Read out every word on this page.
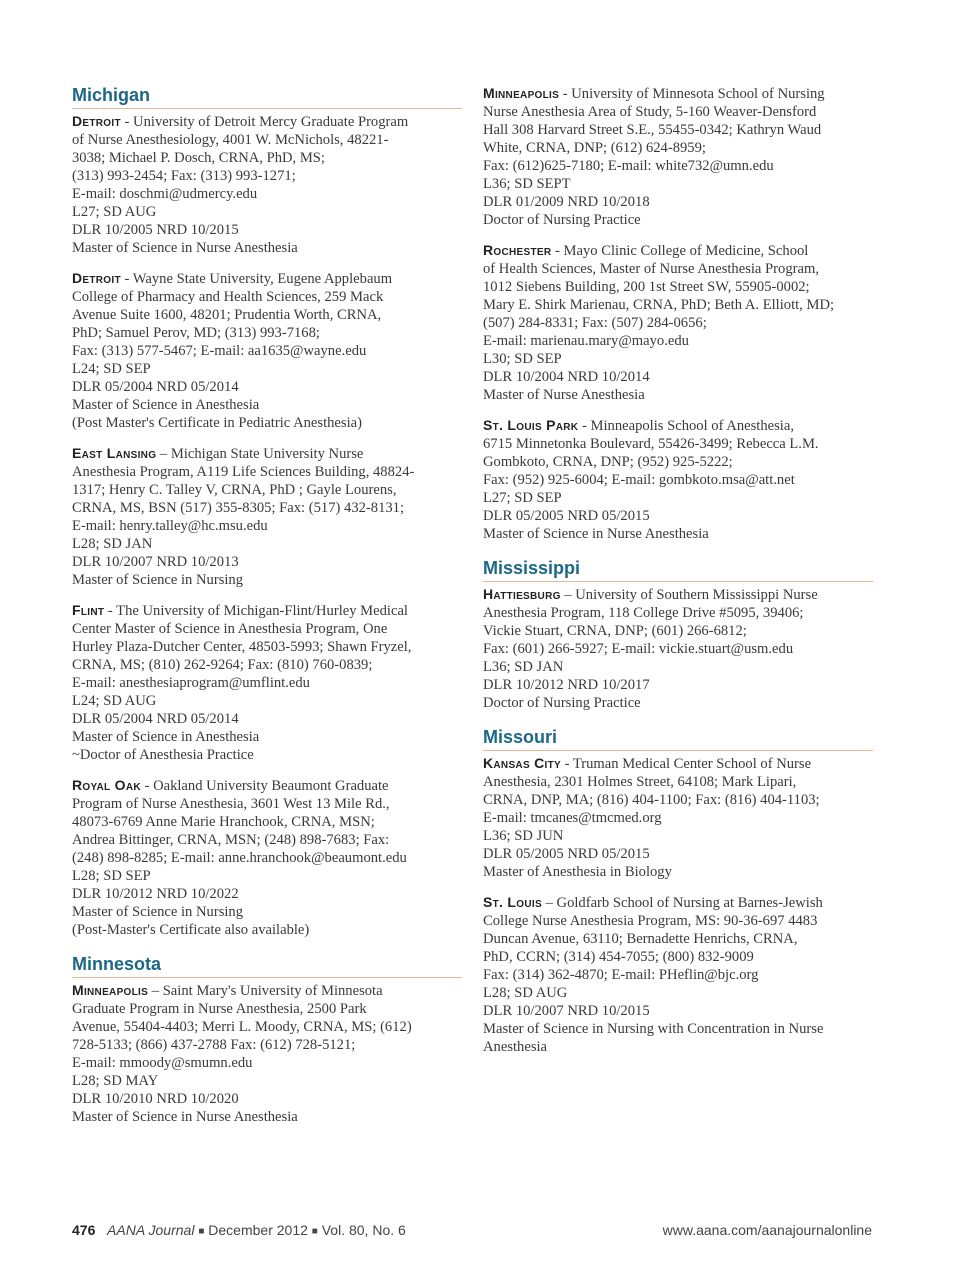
Michigan
Detroit - University of Detroit Mercy Graduate Program
of Nurse Anesthesiology, 4001 W. McNichols, 48221-
3038; Michael P. Dosch, CRNA, PhD, MS;
(313) 993-2454; Fax: (313) 993-1271;
E-mail: doschmi@udmercy.edu
L27; SD AUG
DLR 10/2005 NRD 10/2015
Master of Science in Nurse Anesthesia
Detroit - Wayne State University, Eugene Applebaum
College of Pharmacy and Health Sciences, 259 Mack
Avenue Suite 1600, 48201; Prudentia Worth, CRNA,
PhD; Samuel Perov, MD; (313) 993-7168;
Fax: (313) 577-5467; E-mail: aa1635@wayne.edu
L24; SD SEP
DLR 05/2004 NRD 05/2014
Master of Science in Anesthesia
(Post Master's Certificate in Pediatric Anesthesia)
East Lansing – Michigan State University Nurse
Anesthesia Program, A119 Life Sciences Building, 48824-
1317; Henry C. Talley V, CRNA, PhD ; Gayle Lourens,
CRNA, MS, BSN (517) 355-8305; Fax: (517) 432-8131;
E-mail: henry.talley@hc.msu.edu
L28; SD JAN
DLR 10/2007 NRD 10/2013
Master of Science in Nursing
Flint - The University of Michigan-Flint/Hurley Medical
Center Master of Science in Anesthesia Program, One
Hurley Plaza-Dutcher Center, 48503-5993; Shawn Fryzel,
CRNA, MS; (810) 262-9264; Fax: (810) 760-0839;
E-mail: anesthesiaprogram@umflint.edu
L24; SD AUG
DLR 05/2004 NRD 05/2014
Master of Science in Anesthesia
~Doctor of Anesthesia Practice
Royal Oak - Oakland University Beaumont Graduate
Program of Nurse Anesthesia, 3601 West 13 Mile Rd.,
48073-6769 Anne Marie Hranchook, CRNA, MSN;
Andrea Bittinger, CRNA, MSN; (248) 898-7683; Fax:
(248) 898-8285; E-mail: anne.hranchook@beaumont.edu
L28; SD SEP
DLR 10/2012 NRD 10/2022
Master of Science in Nursing
(Post-Master's Certificate also available)
Minnesota
Minneapolis – Saint Mary's University of Minnesota
Graduate Program in Nurse Anesthesia, 2500 Park
Avenue, 55404-4403; Merri L. Moody, CRNA, MS; (612)
728-5133; (866) 437-2788 Fax: (612) 728-5121;
E-mail: mmoody@smumn.edu
L28; SD MAY
DLR 10/2010 NRD 10/2020
Master of Science in Nurse Anesthesia
Minneapolis - University of Minnesota School of Nursing
Nurse Anesthesia Area of Study, 5-160 Weaver-Densford
Hall 308 Harvard Street S.E., 55455-0342; Kathryn Waud
White, CRNA, DNP; (612) 624-8959;
Fax: (612)625-7180; E-mail: white732@umn.edu
L36; SD SEPT
DLR 01/2009 NRD 10/2018
Doctor of Nursing Practice
Rochester - Mayo Clinic College of Medicine, School
of Health Sciences, Master of Nurse Anesthesia Program,
1012 Siebens Building, 200 1st Street SW, 55905-0002;
Mary E. Shirk Marienau, CRNA, PhD; Beth A. Elliott, MD;
(507) 284-8331; Fax: (507) 284-0656;
E-mail: marienau.mary@mayo.edu
L30; SD SEP
DLR 10/2004 NRD 10/2014
Master of Nurse Anesthesia
St. Louis Park - Minneapolis School of Anesthesia,
6715 Minnetonka Boulevard, 55426-3499; Rebecca L.M.
Gombkoto, CRNA, DNP; (952) 925-5222;
Fax: (952) 925-6004; E-mail: gombkoto.msa@att.net
L27; SD SEP
DLR 05/2005 NRD 05/2015
Master of Science in Nurse Anesthesia
Mississippi
Hattiesburg – University of Southern Mississippi Nurse
Anesthesia Program, 118 College Drive #5095, 39406;
Vickie Stuart, CRNA, DNP; (601) 266-6812;
Fax: (601) 266-5927; E-mail: vickie.stuart@usm.edu
L36; SD JAN
DLR 10/2012 NRD 10/2017
Doctor of Nursing Practice
Missouri
Kansas City - Truman Medical Center School of Nurse
Anesthesia, 2301 Holmes Street, 64108; Mark Lipari,
CRNA, DNP, MA; (816) 404-1100; Fax: (816) 404-1103;
E-mail: tmcanes@tmcmed.org
L36; SD JUN
DLR 05/2005 NRD 05/2015
Master of Anesthesia in Biology
St. Louis – Goldfarb School of Nursing at Barnes-Jewish
College Nurse Anesthesia Program, MS: 90-36-697 4483
Duncan Avenue, 63110; Bernadette Henrichs, CRNA,
PhD, CCRN; (314) 454-7055; (800) 832-9009
Fax: (314) 362-4870; E-mail: PHeflin@bjc.org
L28; SD AUG
DLR 10/2007 NRD 10/2015
Master of Science in Nursing with Concentration in Nurse
Anesthesia
476 AANA Journal ■ December 2012 ■ Vol. 80, No. 6	www.aana.com/aanajournalonline
